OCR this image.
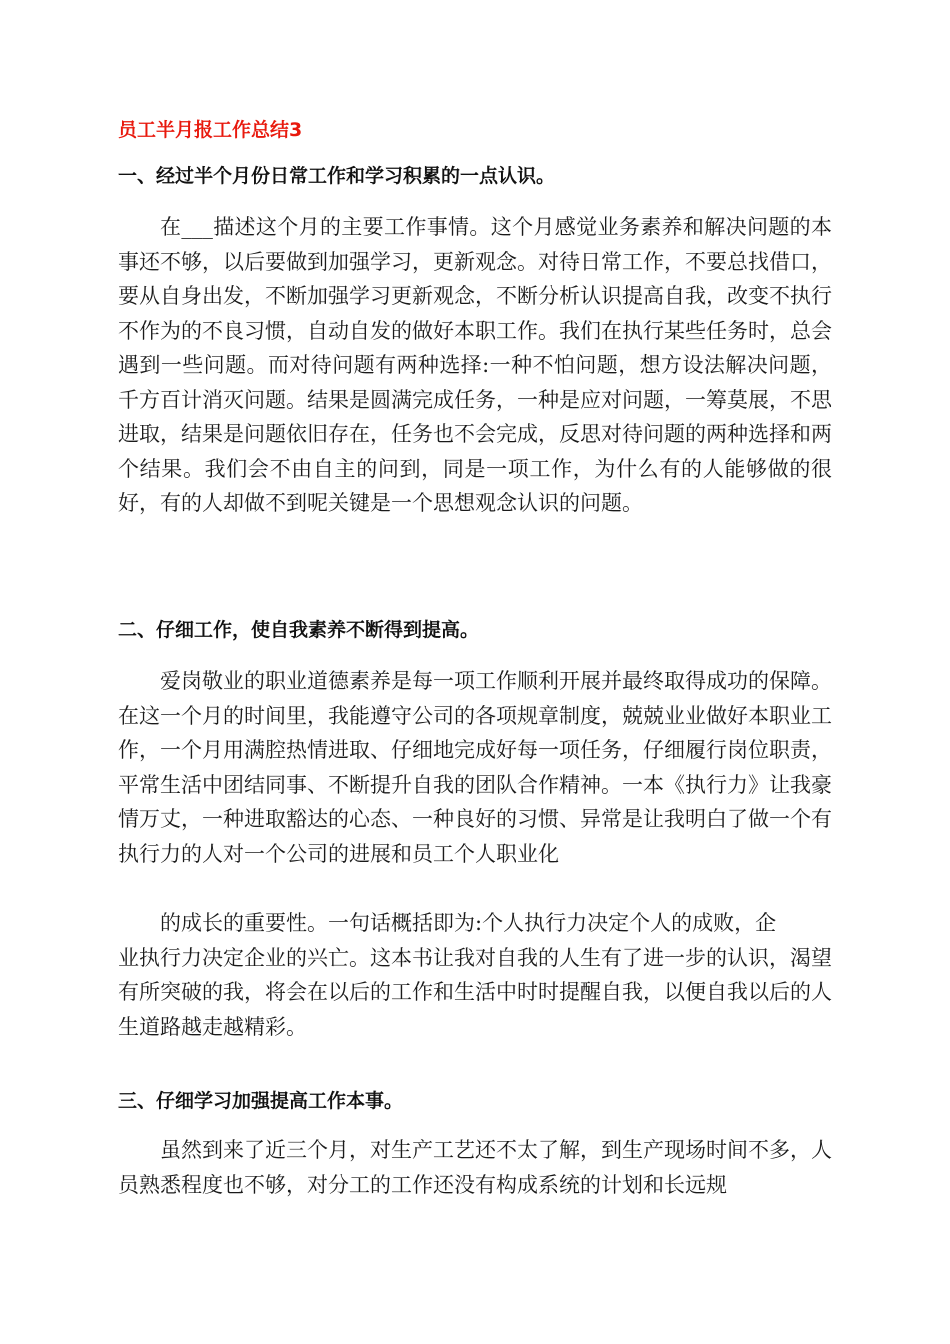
员工半月报工作总结3
一、经过半个月份日常工作和学习积累的一点认识。
在___描述这个月的主要工作事情。这个月感觉业务素养和解决问题的本事还不够，以后要做到加强学习，更新观念。对待日常工作，不要总找借口，要从自身出发，不断加强学习更新观念，不断分析认识提高自我，改变不执行不作为的不良习惯，自动自发的做好本职工作。我们在执行某些任务时，总会遇到一些问题。而对待问题有两种选择:一种不怕问题，想方设法解决问题，千方百计消灭问题。结果是圆满完成任务，一种是应对问题，一筹莫展，不思进取，结果是问题依旧存在，任务也不会完成，反思对待问题的两种选择和两个结果。我们会不由自主的问到，同是一项工作，为什么有的人能够做的很好，有的人却做不到呢关键是一个思想观念认识的问题。
二、仔细工作，使自我素养不断得到提高。
爱岗敬业的职业道德素养是每一项工作顺利开展并最终取得成功的保障。在这一个月的时间里，我能遵守公司的各项规章制度，兢兢业业做好本职业工作，一个月用满腔热情进取、仔细地完成好每一项任务，仔细履行岗位职责，平常生活中团结同事、不断提升自我的团队合作精神。一本《执行力》让我豪情万丈，一种进取豁达的心态、一种良好的习惯、异常是让我明白了做一个有执行力的人对一个公司的进展和员工个人职业化
的成长的重要性。一句话概括即为:个人执行力决定个人的成败，企
业执行力决定企业的兴亡。这本书让我对自我的人生有了进一步的认识，渴望有所突破的我，将会在以后的工作和生活中时时提醒自我，以便自我以后的人生道路越走越精彩。
三、仔细学习加强提高工作本事。
虽然到来了近三个月，对生产工艺还不太了解，到生产现场时间不多，人员熟悉程度也不够，对分工的工作还没有构成系统的计划和长远规
